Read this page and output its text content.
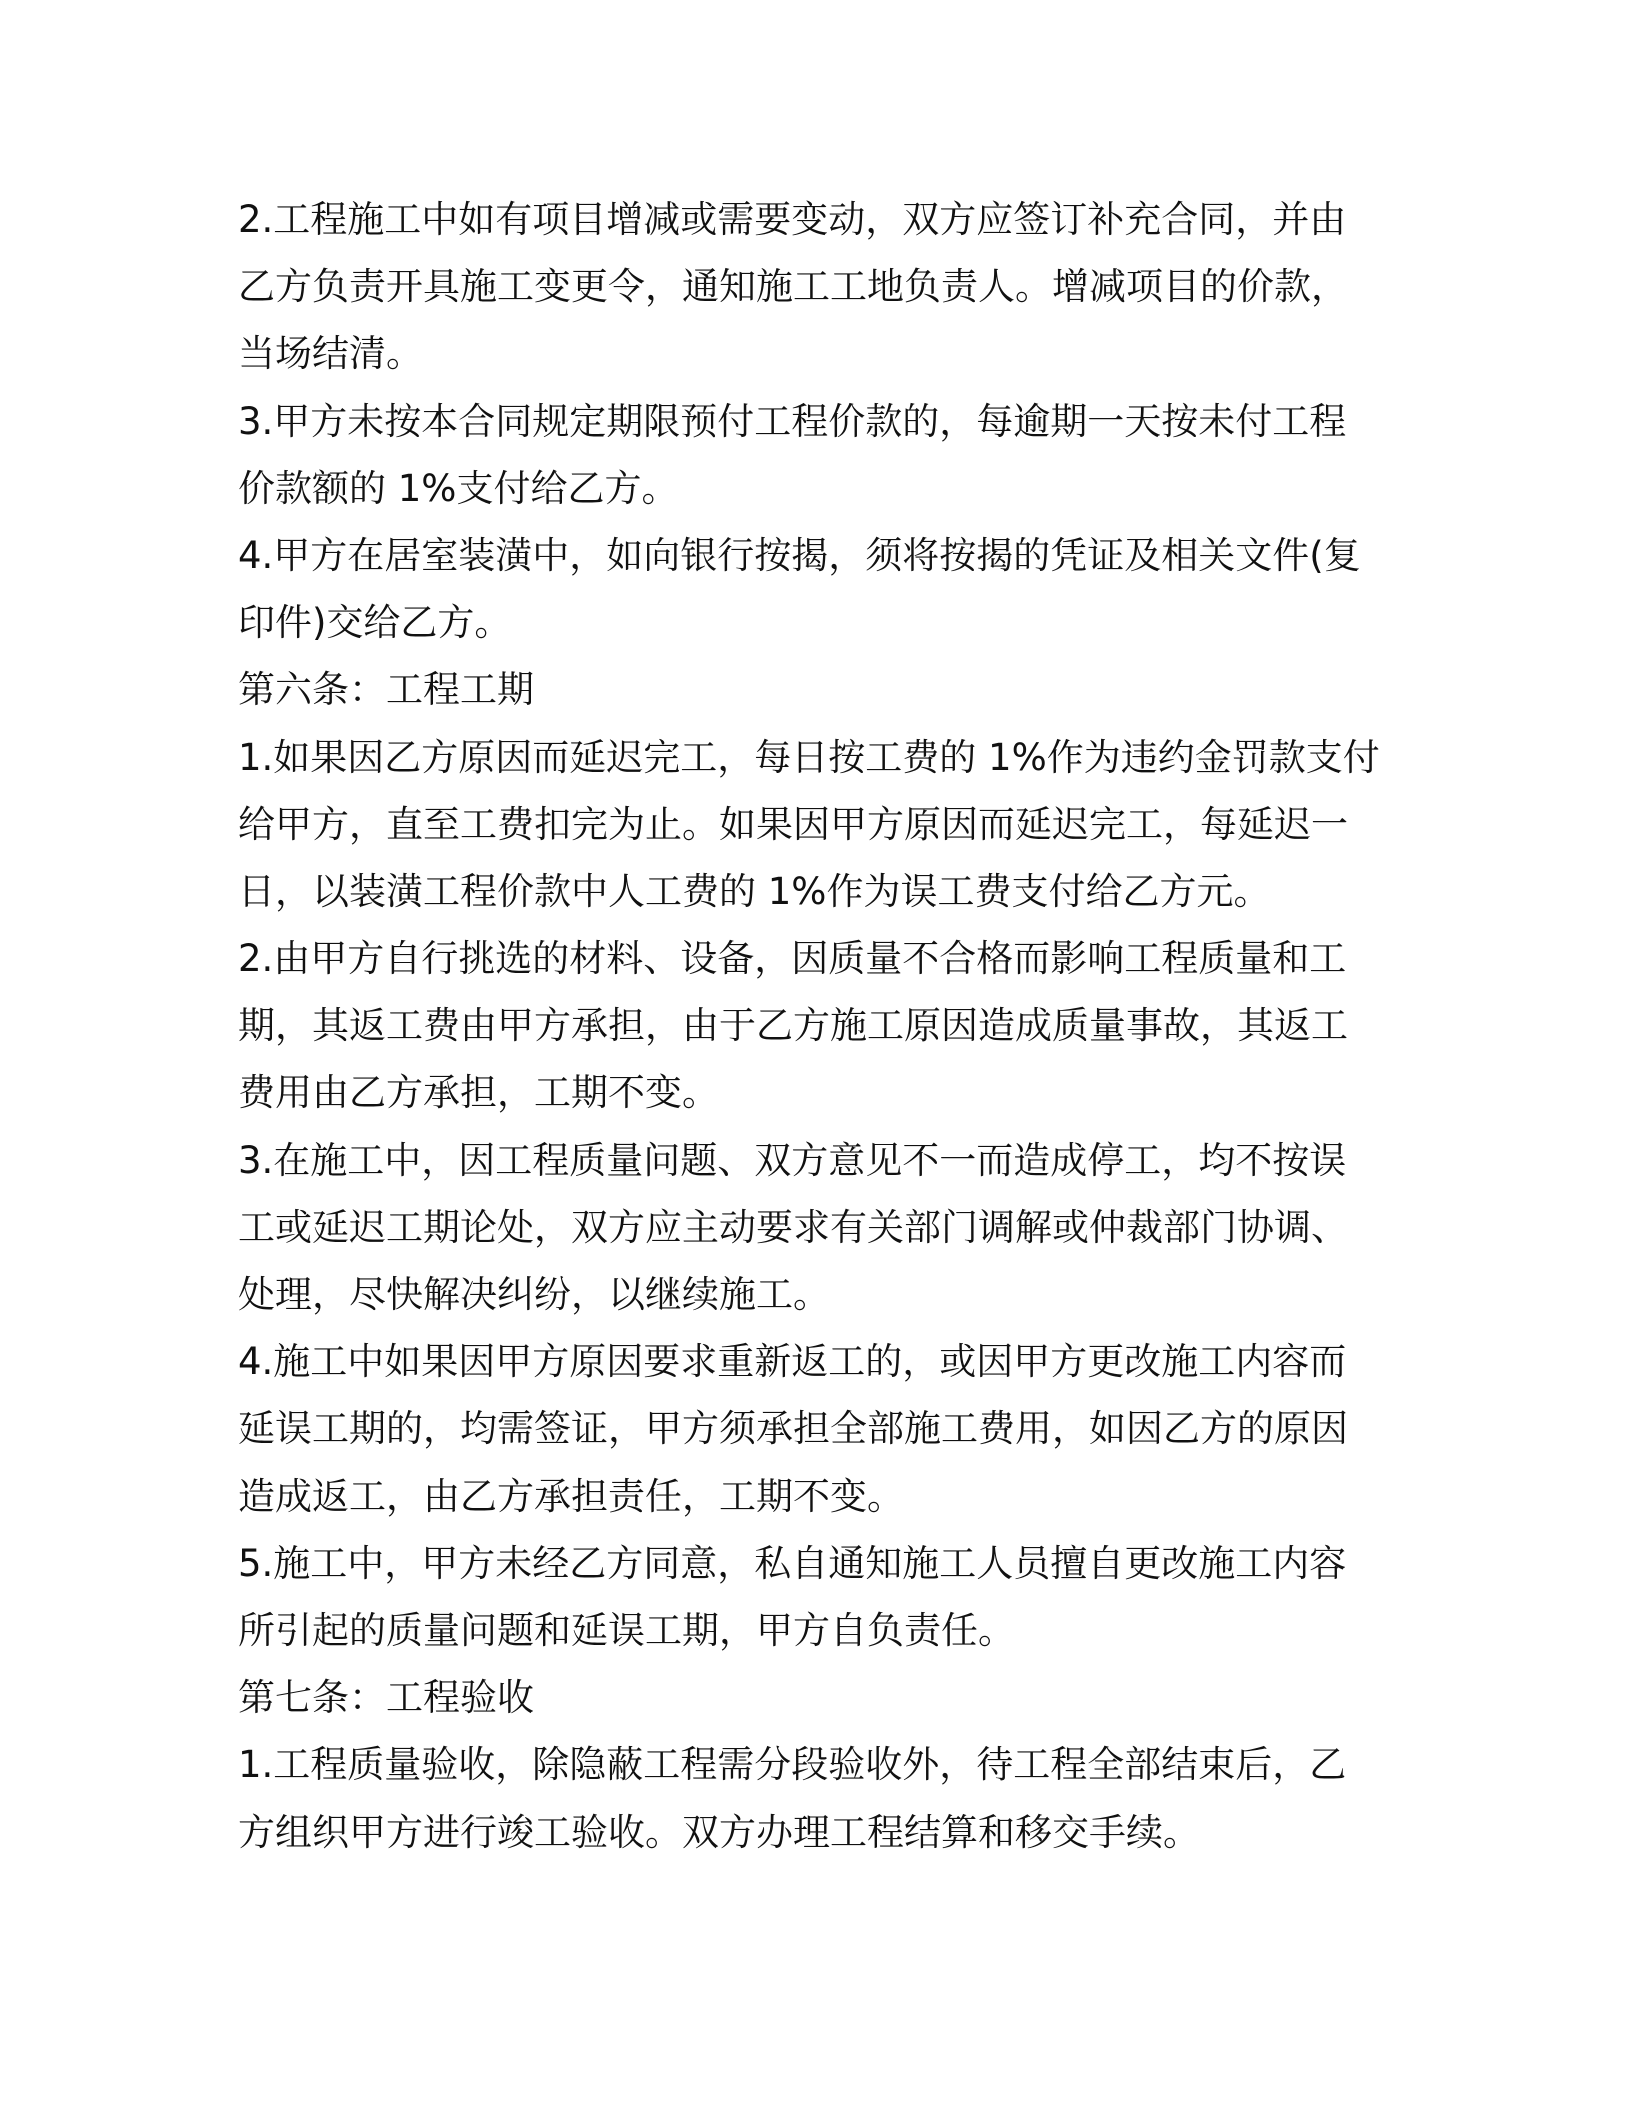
2.工程施工中如有项目增减或需要变动，双方应签订补充合同，并由
乙方负责开具施工变更令，通知施工工地负责人。增减项目的价款，
当场结清。
3.甲方未按本合同规定期限预付工程价款的，每逾期一天按未付工程
价款额的 1%支付给乙方。
4.甲方在居室装潢中，如向银行按揭，须将按揭的凭证及相关文件(复
印件)交给乙方。
第六条：工程工期
1.如果因乙方原因而延迟完工，每日按工费的 1%作为违约金罚款支付
给甲方，直至工费扣完为止。如果因甲方原因而延迟完工，每延迟一
日，以装潢工程价款中人工费的 1%作为误工费支付给乙方元。
2.由甲方自行挑选的材料、设备，因质量不合格而影响工程质量和工
期，其返工费由甲方承担，由于乙方施工原因造成质量事故，其返工
费用由乙方承担，工期不变。
3.在施工中，因工程质量问题、双方意见不一而造成停工，均不按误
工或延迟工期论处，双方应主动要求有关部门调解或仲裁部门协调、
处理，尽快解决纠纷，以继续施工。
4.施工中如果因甲方原因要求重新返工的，或因甲方更改施工内容而
延误工期的，均需签证，甲方须承担全部施工费用，如因乙方的原因
造成返工，由乙方承担责任，工期不变。
5.施工中，甲方未经乙方同意，私自通知施工人员擅自更改施工内容
所引起的质量问题和延误工期，甲方自负责任。
第七条：工程验收
1.工程质量验收，除隐蔽工程需分段验收外，待工程全部结束后，乙
方组织甲方进行竣工验收。双方办理工程结算和移交手续。
